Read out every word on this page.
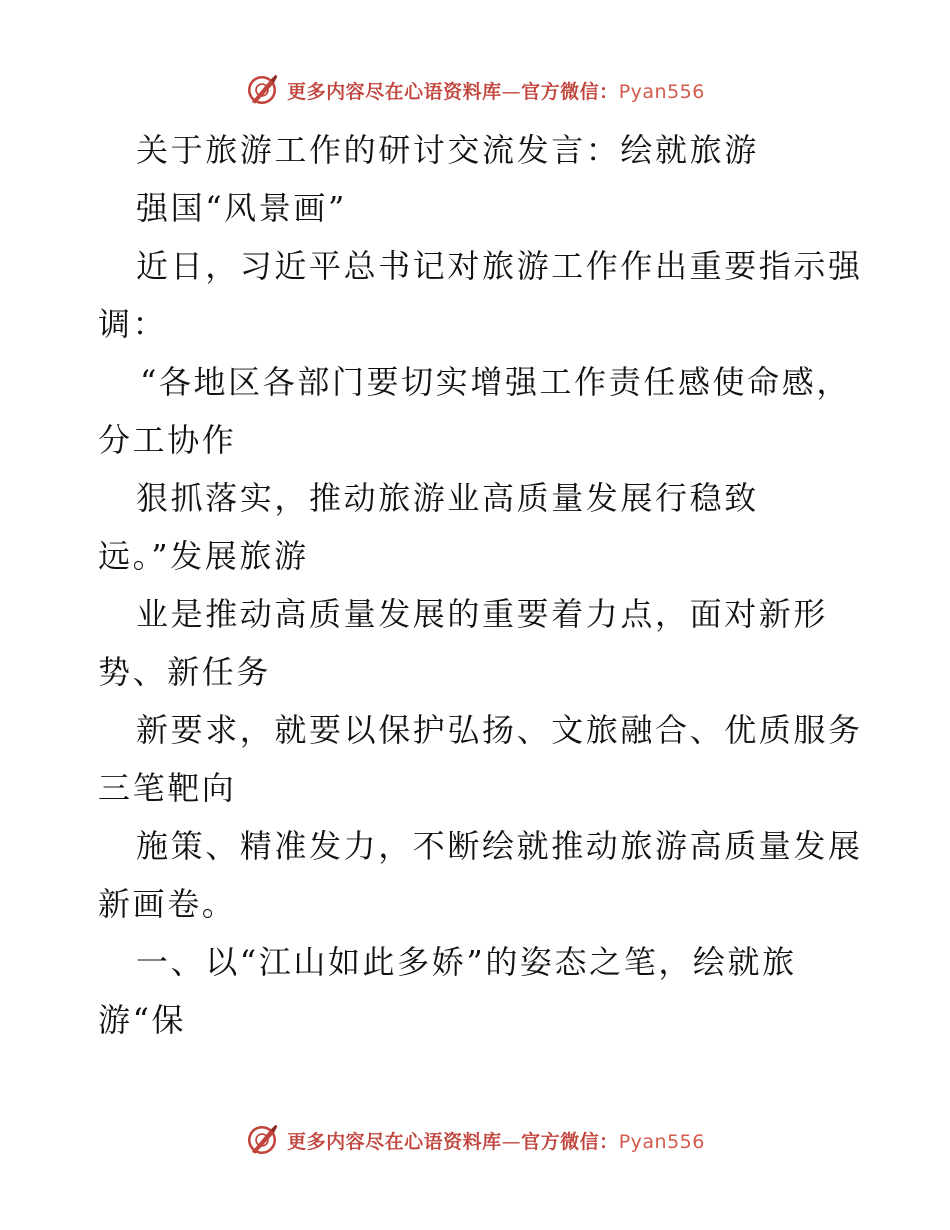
更多内容尽在心语资料库—官方微信：Pyan556
关于旅游工作的研讨交流发言：绘就旅游
强国“风景画”
近日，习近平总书记对旅游工作作出重要指示强
调：
“各地区各部门要切实增强工作责任感使命感，
分工协作
狠抓落实，推动旅游业高质量发展行稳致
远。”发展旅游
业是推动高质量发展的重要着力点，面对新形
势、新任务
新要求，就要以保护弘扬、文旅融合、优质服务
三笔靶向
施策、精准发力，不断绘就推动旅游高质量发展
新画卷。
一、以“江山如此多娇”的姿态之笔，绘就旅
游“保
更多内容尽在心语资料库—官方微信：Pyan556
